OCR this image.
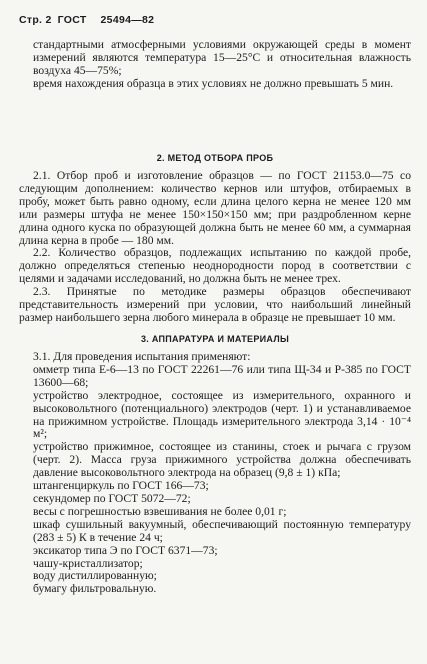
Стр. 2 ГОСТ 25494—82

стандартными атмосферными условиями окружающей среды в момент измерений являются температура 15—25°С и относительная влажность воздуха 45—75%;

время нахождения образца в этих условиях не должно превышать 5 мин.

2. МЕТОД ОТБОРА ПРОБ

2.1. Отбор проб и изготовление образцов — по ГОСТ 21153.0—75 со следующим дополнением: количество кернов или штуфов, отбираемых в пробу, может быть равно одному, если длина целого керна не менее 120 мм или размеры штуфа не менее 150×150×150 мм; при раздробленном керне длина одного куска по образующей должна быть не менее 60 мм, а суммарная длина керна в пробе — 180 мм.

2.2. Количество образцов, подлежащих испытанию по каждой пробе, должно определяться степенью неоднородности пород в соответствии с целями и задачами исследований, но должна быть не менее трех.

2.3. Принятые по методике размеры образцов обеспечивают представительность измерений при условии, что наибольший линейный размер наибольшего зерна любого минерала в образце не превышает 10 мм.

3. АППАРАТУРА И МАТЕРИАЛЫ

3.1. Для проведения испытания применяют:

омметр типа Е-6—13 по ГОСТ 22261—76 или типа Щ-34 и Р-385 по ГОСТ 13600—68;

устройство электродное, состоящее из измерительного, охранного и высоковольтного (потенциального) электродов (черт. 1) и устанавливаемое на прижимном устройстве. Площадь измерительного электрода 3,14 · 10⁻⁴ м²;

устройство прижимное, состоящее из станины, стоек и рычага с грузом (черт. 2). Масса груза прижимного устройства должна обеспечивать давление высоковольтного электрода на образец (9,8 ± 1) кПа;

штангенциркуль по ГОСТ 166—73;

секундомер по ГОСТ 5072—72;

весы с погрешностью взвешивания не более 0,01 г;

шкаф сушильный вакуумный, обеспечивающий постоянную температуру (283 ± 5) К в течение 24 ч;

эксикатор типа Э по ГОСТ 6371—73;

чашу-кристаллизатор;

воду дистиллированную;

бумагу фильтровальную.
